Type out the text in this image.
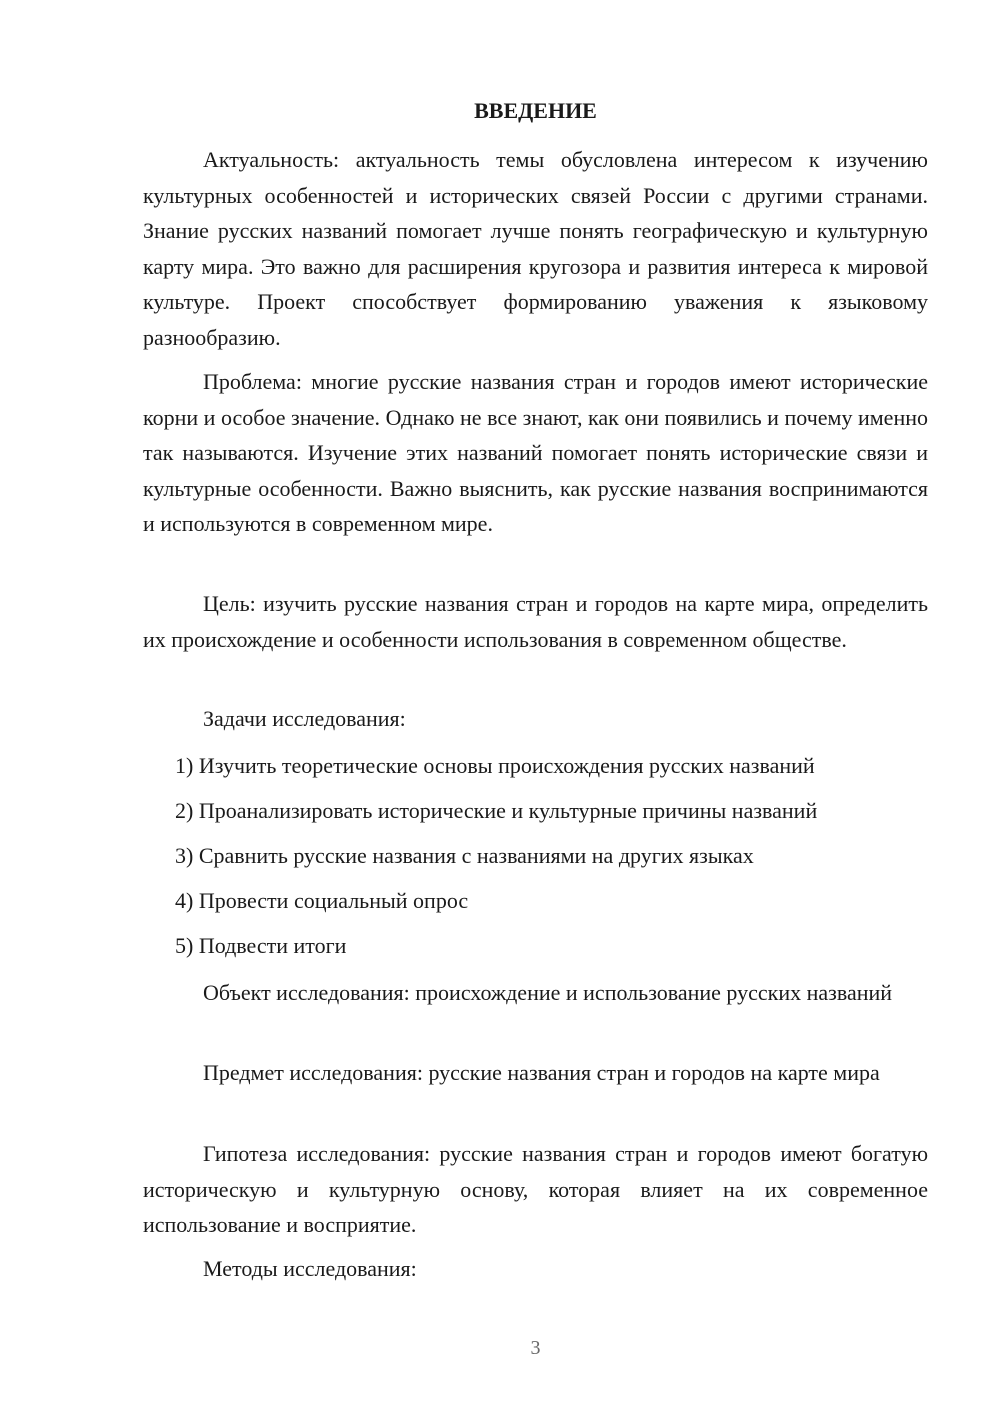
ВВЕДЕНИЕ

Актуальность: актуальность темы обусловлена интересом к изучению культурных особенностей и исторических связей России с другими странами. Знание русских названий помогает лучше понять географическую и культурную карту мира. Это важно для расширения кругозора и развития интереса к мировой культуре. Проект способствует формированию уважения к языковому разнообразию.

Проблема: многие русские названия стран и городов имеют исторические корни и особое значение. Однако не все знают, как они появились и почему именно так называются. Изучение этих названий помогает понять исторические связи и культурные особенности. Важно выяснить, как русские названия воспринимаются и используются в современном мире.

Цель: изучить русские названия стран и городов на карте мира, определить их происхождение и особенности использования в современном обществе.

Задачи исследования:

1) Изучить теоретические основы происхождения русских названий

2) Проанализировать исторические и культурные причины названий

3) Сравнить русские названия с названиями на других языках

4) Провести социальный опрос

5) Подвести итоги

Объект исследования: происхождение и использование русских названий

Предмет исследования: русские названия стран и городов на карте мира

Гипотеза исследования: русские названия стран и городов имеют богатую историческую и культурную основу, которая влияет на их современное использование и восприятие.

Методы исследования:

3
